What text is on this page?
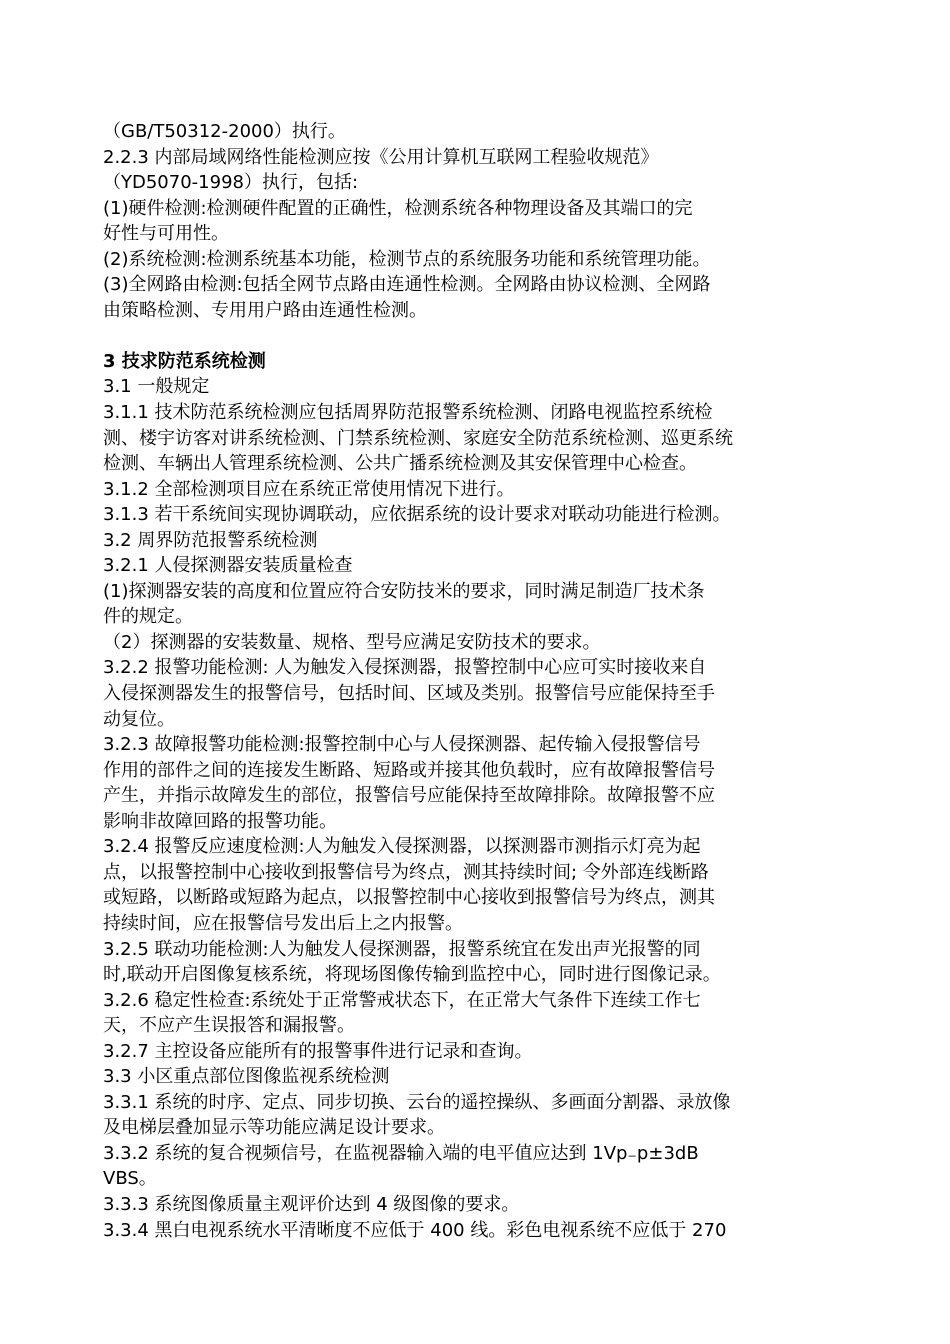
（GB/T50312-2000）执行。
2.2.3 内部局域网络性能检测应按《公用计算机互联网工程验收规范》
（YD5070-1998）执行，包括:
(1)硬件检测:检测硬件配置的正确性，检测系统各种物理设备及其端口的完
好性与可用性。
(2)系统检测:检测系统基本功能，检测节点的系统服务功能和系统管理功能。
(3)全网路由检测:包括全网节点路由连通性检测。全网路由协议检测、全网路
由策略检测、专用用户路由连通性检测。
3 技求防范系统检测
3.1 一般规定
3.1.1 技术防范系统检测应包括周界防范报警系统检测、闭路电视监控系统检
测、楼宇访客对讲系统检测、门禁系统检测、家庭安全防范系统检测、巡更系统
检测、车辆出人管理系统检测、公共广播系统检测及其安保管理中心检查。
3.1.2 全部检测项目应在系统正常使用情况下进行。
3.1.3 若干系统间实现协调联动，应依据系统的设计要求对联动功能进行检测。
3.2 周界防范报警系统检测
3.2.1 人侵探测器安装质量检查
(1)探测器安装的高度和位置应符合安防技米的要求，同时满足制造厂技术条
件的规定。
（2）探测器的安装数量、规格、型号应满足安防技术的要求。
3.2.2 报警功能检测: 人为触发入侵探测器，报警控制中心应可实时接收来自
入侵探测器发生的报警信号，包括时间、区域及类别。报警信号应能保持至手
动复位。
3.2.3 故障报警功能检测:报警控制中心与人侵探测器、起传输入侵报警信号
作用的部件之间的连接发生断路、短路或并接其他负载时，应有故障报警信号
产生，并指示故障发生的部位，报警信号应能保持至故障排除。故障报警不应
影响非故障回路的报警功能。
3.2.4 报警反应速度检测:人为触发入侵探测器，以探测器市测指示灯亮为起
点，以报警控制中心接收到报警信号为终点，测其持续时间; 令外部连线断路
或短路，以断路或短路为起点，以报警控制中心接收到报警信号为终点，测其
持续时间，应在报警信号发出后上之内报警。
3.2.5 联动功能检测:人为触发人侵探测器，报警系统宜在发出声光报警的同
时,联动开启图像复核系统，将现场图像传输到监控中心，同时进行图像记录。
3.2.6 稳定性检查:系统处于正常警戒状态下，在正常大气条件下连续工作七
天，不应产生误报答和漏报警。
3.2.7 主控设备应能所有的报警事件进行记录和查询。
3.3 小区重点部位图像监视系统检测
3.3.1 系统的时序、定点、同步切换、云台的遥控操纵、多画面分割器、录放像
及电梯层叠加显示等功能应满足设计要求。
3.3.2 系统的复合视频信号，在监视器输入端的电平值应达到 1Vp₋p±3dB
VBS。
3.3.3 系统图像质量主观评价达到 4 级图像的要求。
3.3.4 黑白电视系统水平清晰度不应低于 400 线。彩色电视系统不应低于 270
